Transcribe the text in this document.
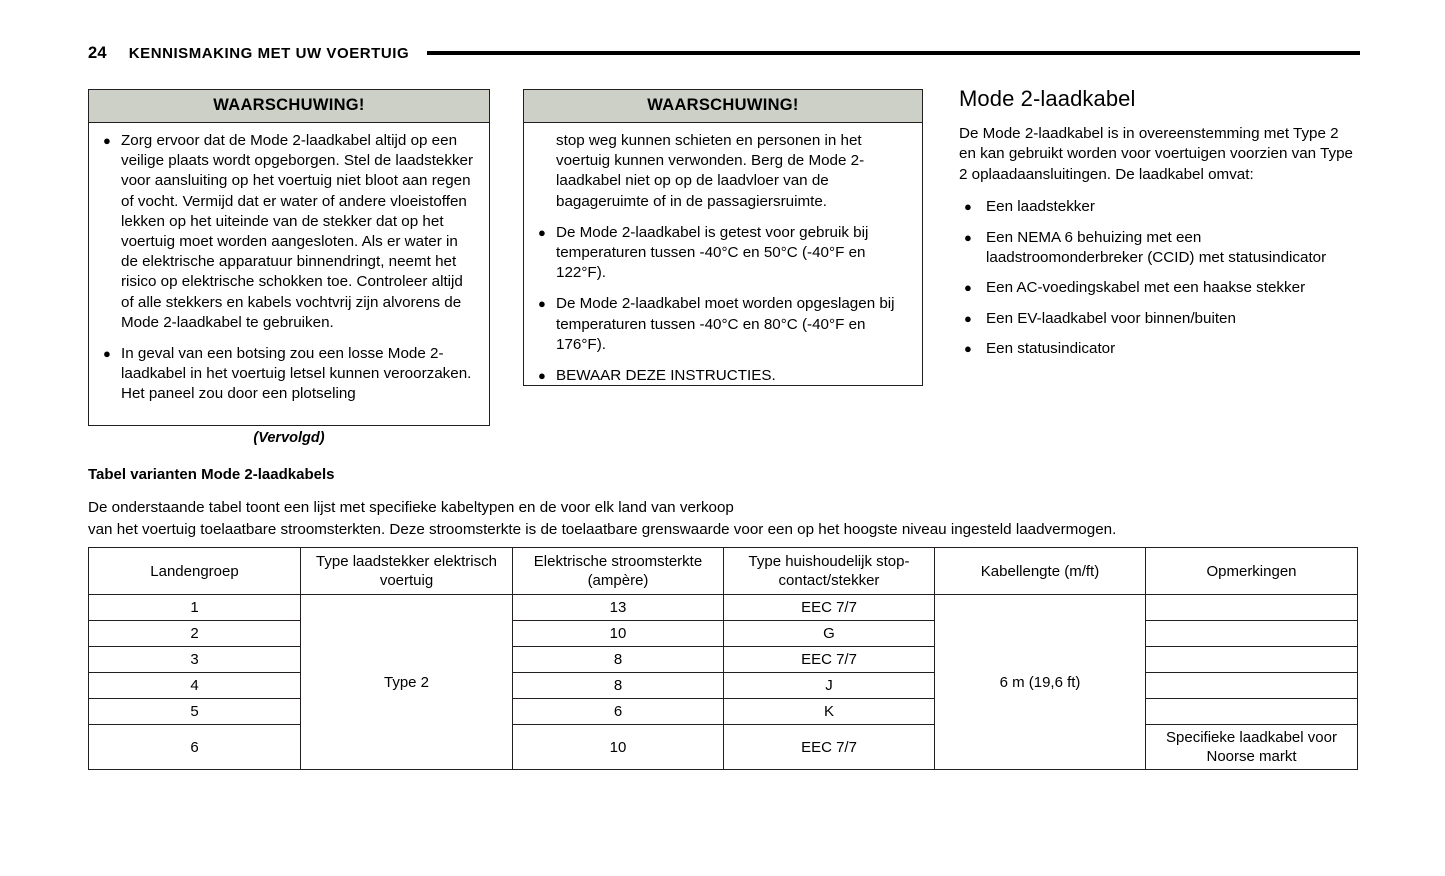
24 KENNISMAKING MET UW VOERTUIG
WAARSCHUWING!
● Zorg ervoor dat de Mode 2-laadkabel altijd op een veilige plaats wordt opgeborgen. Stel de laadstekker voor aansluiting op het voertuig niet bloot aan regen of vocht. Vermijd dat er water of andere vloeistoffen lekken op het uiteinde van de stekker dat op het voertuig moet worden aangesloten. Als er water in de elektrische apparatuur binnendringt, neemt het risico op elektrische schokken toe. Controleer altijd of alle stekkers en kabels vochtvrij zijn alvorens de Mode 2-laadkabel te gebruiken.
● In geval van een botsing zou een losse Mode 2-laadkabel in het voertuig letsel kunnen veroorzaken. Het paneel zou door een plotseling
(Vervolgd)
WAARSCHUWING!

stop weg kunnen schieten en personen in het voertuig kunnen verwonden. Berg de Mode 2-laadkabel niet op op de laadvloer van de bagageruimte of in de passagiersruimte.

● De Mode 2-laadkabel is getest voor gebruik bij temperaturen tussen -40°C en 50°C (-40°F en 122°F).
● De Mode 2-laadkabel moet worden opgeslagen bij temperaturen tussen -40°C en 80°C (-40°F en 176°F).
● BEWAAR DEZE INSTRUCTIES.
Mode 2-laadkabel

De Mode 2-laadkabel is in overeenstemming met Type 2 en kan gebruikt worden voor voertuigen voorzien van Type 2 oplaadaansluitingen. De laadkabel omvat:

● Een laadstekker
● Een NEMA 6 behuizing met een laadstroomonderbreker (CCID) met statusindicator
● Een AC-voedingskabel met een haakse stekker
● Een EV-laadkabel voor binnen/buiten
● Een statusindicator
Tabel varianten Mode 2-laadkabels
De onderstaande tabel toont een lijst met specifieke kabeltypen en de voor elk land van verkoop
van het voertuig toelaatbare stroomsterkten. Deze stroomsterkte is de toelaatbare grenswaarde voor een op het hoogste niveau ingesteld laadvermogen.
Landengroep	Type laadstekker elektrisch voertuig	Elektrische stroomsterkte (ampère)	Type huishoudelijk stop-contact/stekker	Kabellengte (m/ft)	Opmerkingen
1	Type 2	13	EEC 7/7	6 m (19,6 ft)	
2		10	G		
3		8	EEC 7/7		
4		8	J		
5		6	K		
6		10	EEC 7/7		Specifieke laadkabel voor Noorse markt
